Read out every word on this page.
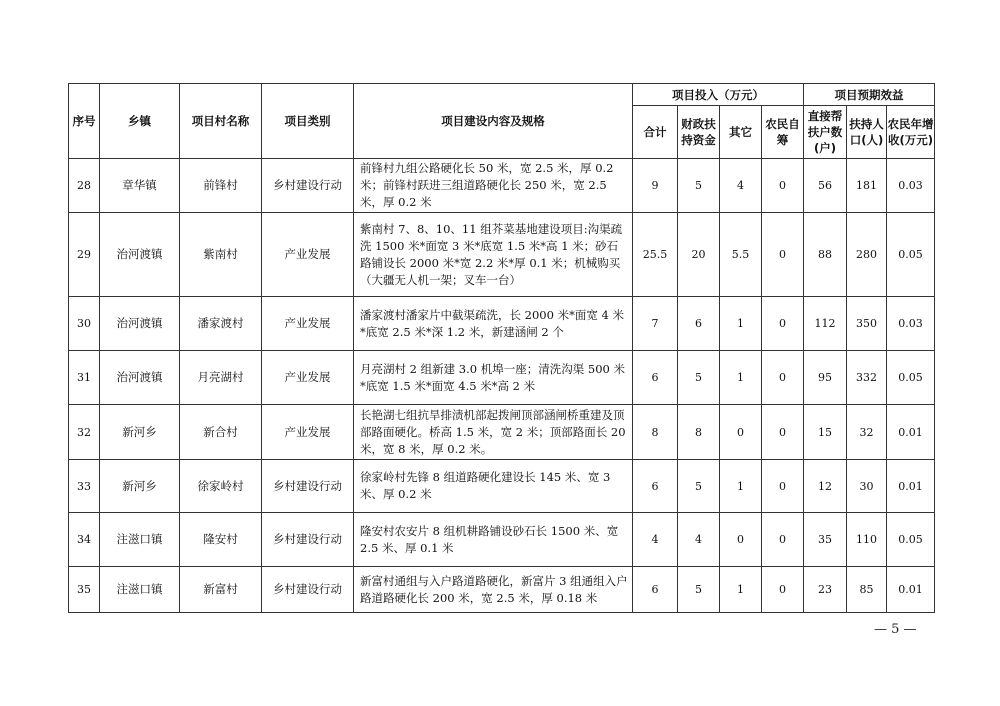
序号	乡镇	项目村名称	项目类别	项目建设内容及规格	项目投入（万元）				项目预期效益		
					合计	财政扶持资金	其它	农民自筹	直接帮扶户数(户)	扶持人口(人)	农民年增收(万元)
28	章华镇	前锋村	乡村建设行动	前锋村九组公路硬化长 50 米，宽 2.5 米，厚 0.2 米；前锋村跃进三组道路硬化长 250 米，宽 2.5 米，厚 0.2 米	9	5	4	0	56	181	0.03
29	治河渡镇	紫南村	产业发展	紫南村 7、8、10、11 组芥菜基地建设项目:沟渠疏洗 1500 米*面宽 3 米*底宽 1.5 米*高 1 米；砂石路铺设长 2000 米*宽 2.2 米*厚 0.1 米；机械购买（大疆无人机一架；叉车一台）	25.5	20	5.5	0	88	280	0.05
30	治河渡镇	潘家渡村	产业发展	潘家渡村潘家片中截渠疏洗，长 2000 米*面宽 4 米*底宽 2.5 米*深 1.2 米，新建涵闸 2 个	7	6	1	0	112	350	0.03
31	治河渡镇	月亮湖村	产业发展	月亮湖村 2 组新建 3.0 机埠一座；清洗沟渠 500 米*底宽 1.5 米*面宽 4.5 米*高 2 米	6	5	1	0	95	332	0.05
32	新河乡	新合村	产业发展	长艳湖七组抗旱排渍机部起拨闸顶部涵闸桥重建及顶部路面硬化。桥高 1.5 米，宽 2 米；顶部路面长 20 米，宽 8 米，厚 0.2 米。	8	8	0	0	15	32	0.01
33	新河乡	徐家岭村	乡村建设行动	徐家岭村先锋 8 组道路硬化建设长 145 米、宽 3 米、厚 0.2 米	6	5	1	0	12	30	0.01
34	注滋口镇	隆安村	乡村建设行动	隆安村农安片 8 组机耕路铺设砂石长 1500 米、宽 2.5 米、厚 0.1 米	4	4	0	0	35	110	0.05
35	注滋口镇	新富村	乡村建设行动	新富村通组与入户路道路硬化，新富片 3 组通组入户路道路硬化长 200 米，宽 2.5 米，厚 0.18 米	6	5	1	0	23	85	0.01
— 5 —
